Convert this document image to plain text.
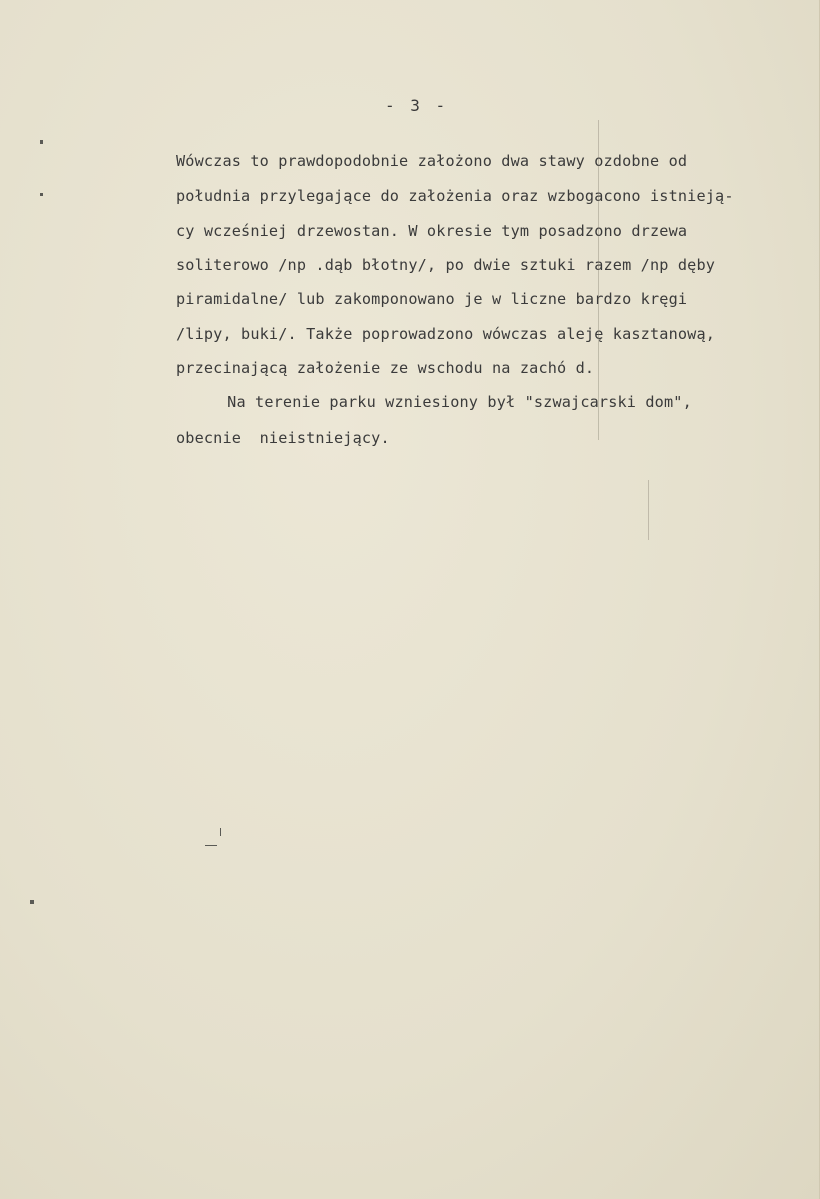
- 3 -
Wówczas to prawdopodobnie założono dwa stawy ozdobne od
południa przylegające do założenia oraz wzbogacono istnieją-
cy wcześniej drzewostan. W okresie tym posadzono drzewa
soliterowo /np .dąb błotny/, po dwie sztuki razem /np dęby
piramidalne/ lub zakomponowano je w liczne bardzo kręgi
/lipy, buki/. Także poprowadzono wówczas aleję kasztanową,
przecinającą założenie ze wschodu na zachó d.
Na terenie parku wzniesiony był "szwajcarski dom",
obecnie  nieistniejący.
